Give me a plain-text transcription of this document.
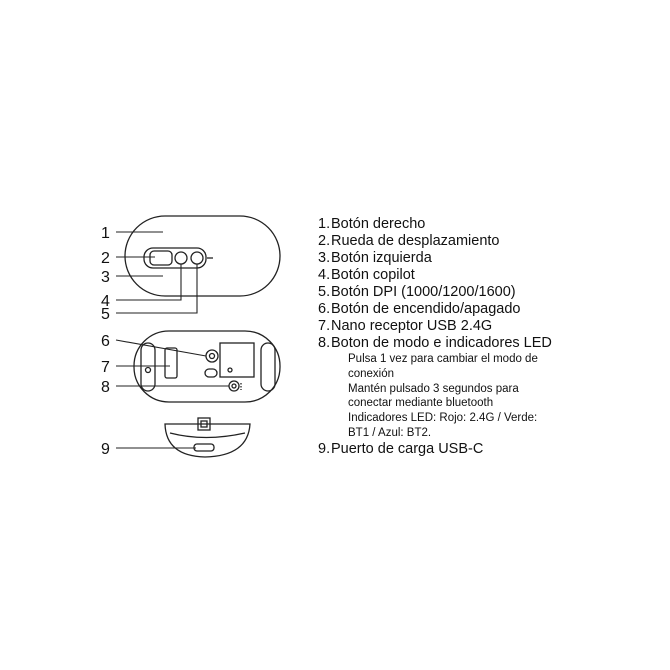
1
2
3
4
5
6
7
8
9
1. Botón derecho
2. Rueda de desplazamiento
3. Botón izquierda
4. Botón copilot
5. Botón DPI (1000/1200/1600)
6. Botón de encendido/apagado
7. Nano receptor USB 2.4G
8. Boton de modo e indicadores LED
Pulsa 1 vez para cambiar el modo de
conexión
Mantén pulsado 3 segundos para
conectar mediante bluetooth
Indicadores LED: Rojo: 2.4G / Verde:
BT1 / Azul: BT2.
9. Puerto de carga USB-C
